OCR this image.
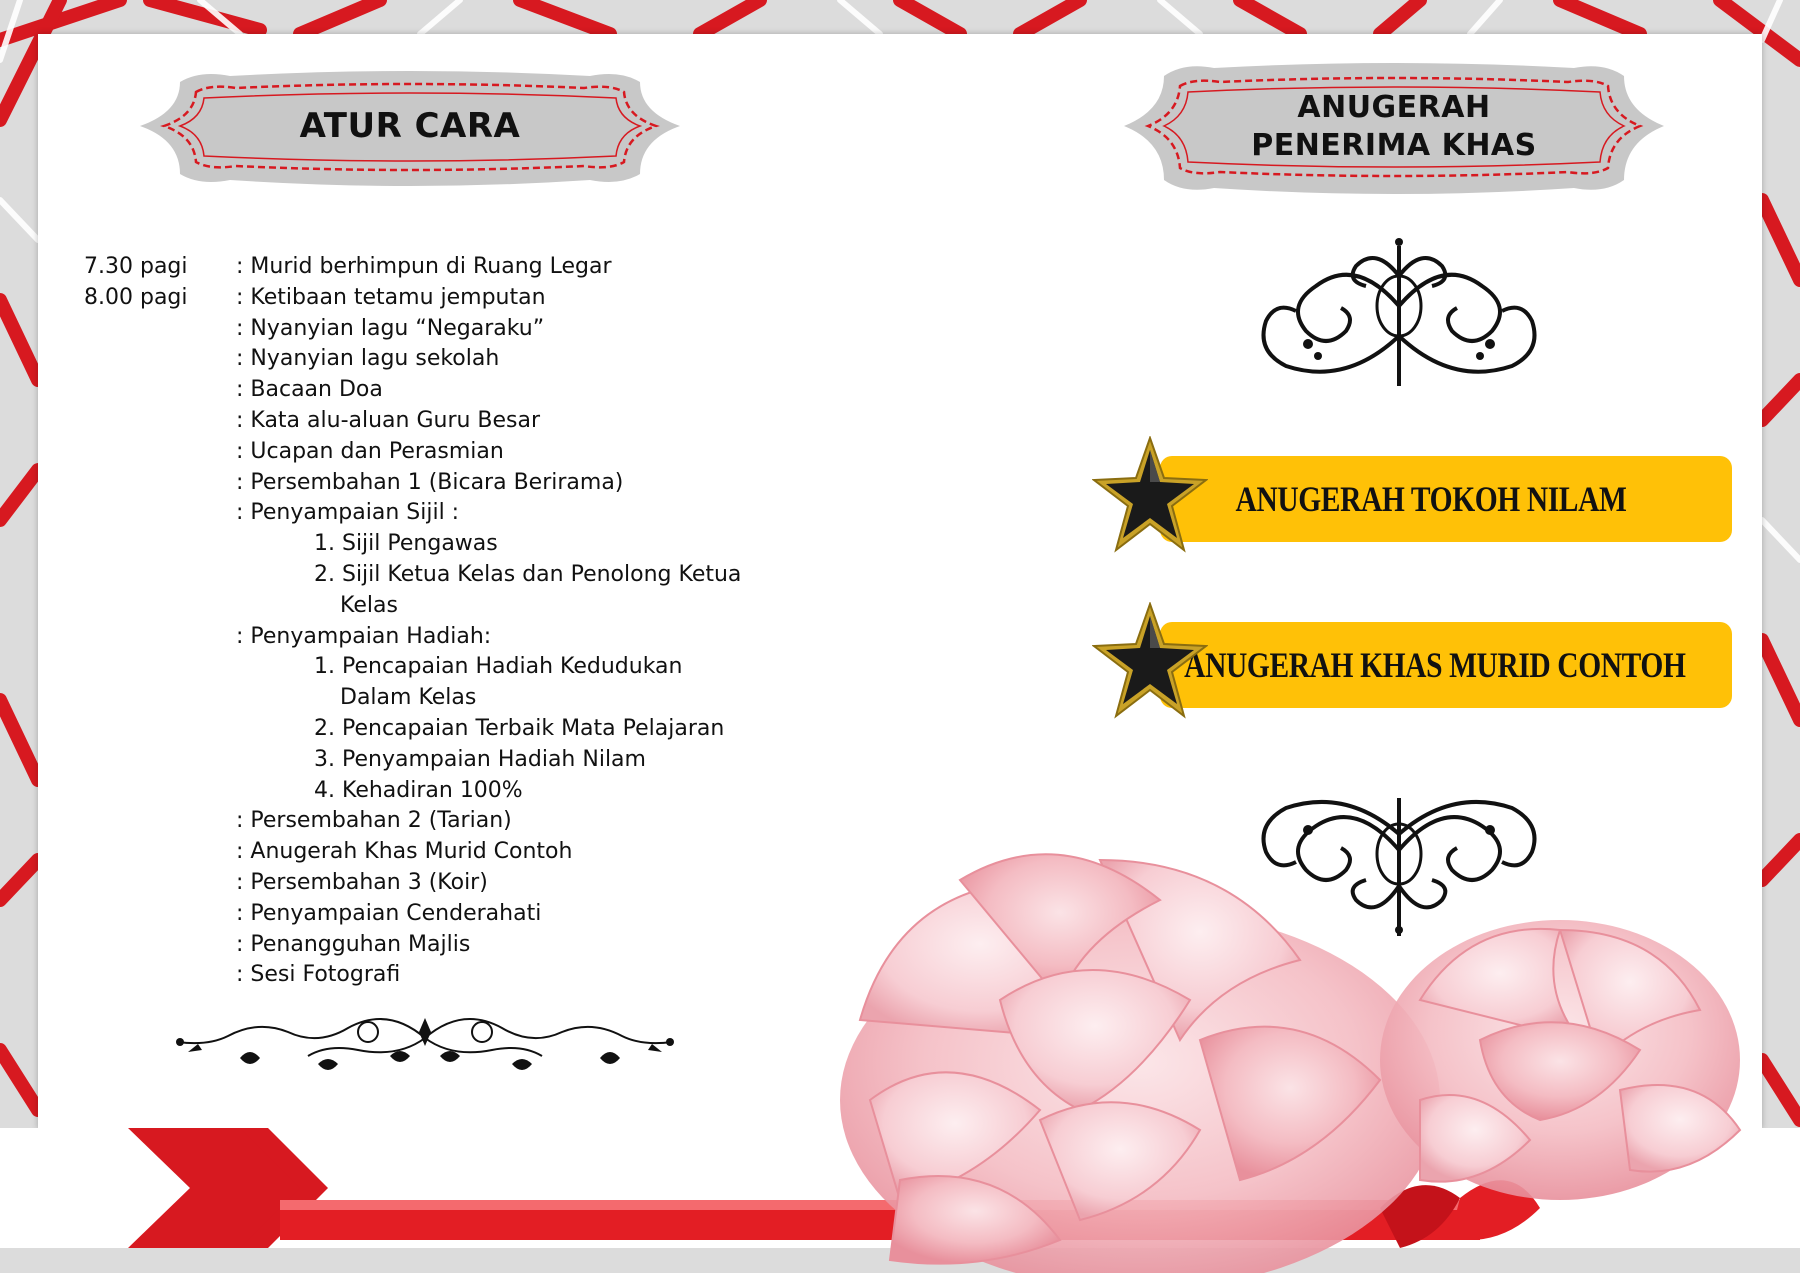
ATUR CARA	ANUGERAH
PENERIMA KHAS
7.30 pagi	: Murid berhimpun di Ruang Legar
8.00 pagi	: Ketibaan tetamu jemputan
: Nyanyian lagu “Negaraku”
: Nyanyian lagu sekolah
: Bacaan Doa
: Kata alu-aluan Guru Besar
: Ucapan dan Perasmian
: Persembahan 1 (Bicara Berirama)
: Penyampaian Sijil :
1. Sijil Pengawas
2. Sijil Ketua Kelas dan Penolong Ketua
Kelas
: Penyampaian Hadiah:
1. Pencapaian Hadiah Kedudukan
Dalam Kelas
2. Pencapaian Terbaik Mata Pelajaran
3. Penyampaian Hadiah Nilam
4. Kehadiran 100%
: Persembahan 2 (Tarian)
: Anugerah Khas Murid Contoh
: Persembahan 3 (Koir)
: Penyampaian Cenderahati
: Penangguhan Majlis
: Sesi Fotografi
ANUGERAH TOKOH NILAM
ANUGERAH KHAS MURID CONTOH
